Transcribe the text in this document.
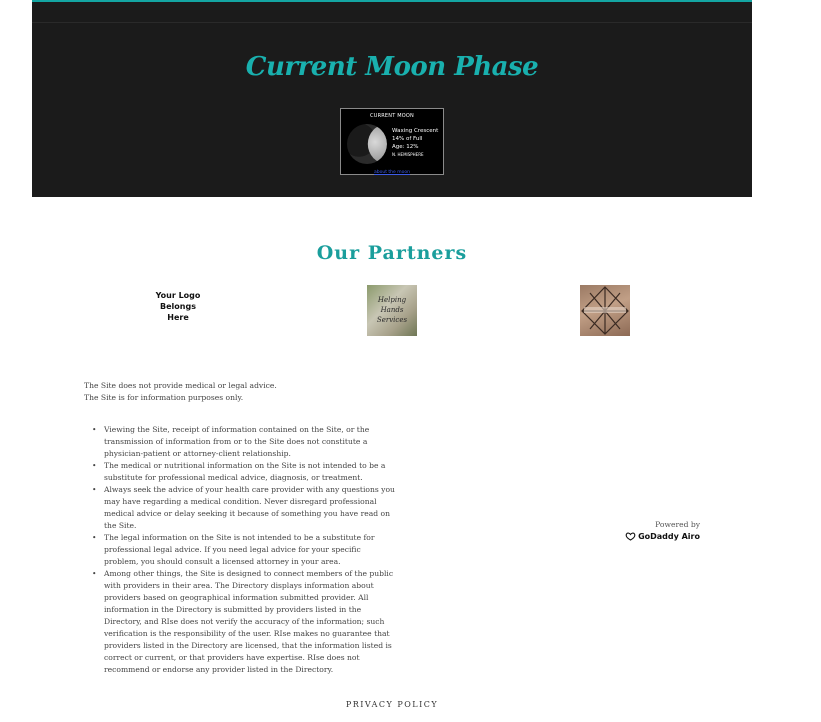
Current Moon Phase
CURRENT MOON
Waxing Crescent
14% of Full
Age: 12%
N. HEMISPHERE
about the moon
Our Partners
Your Logo Belongs Here
Helping Hands Services
The Site does not provide medical or legal advice.
The Site is for information purposes only.
• Viewing the Site, receipt of information contained on the Site, or the transmission of information from or to the Site does not constitute a physician-patient or attorney-client relationship.
• The medical or nutritional information on the Site is not intended to be a substitute for professional medical advice, diagnosis, or treatment.
• Always seek the advice of your health care provider with any questions you may have regarding a medical condition. Never disregard professional medical advice or delay seeking it because of something you have read on the Site.
• The legal information on the Site is not intended to be a substitute for professional legal advice. If you need legal advice for your specific problem, you should consult a licensed attorney in your area.
• Among other things, the Site is designed to connect members of the public with providers in their area. The Directory displays information about providers based on geographical information submitted provider. All information in the Directory is submitted by providers listed in the Directory, and RIse does not verify the accuracy of the information; such verification is the responsibility of the user. RIse makes no guarantee that providers listed in the Directory are licensed, that the information listed is correct or current, or that providers have expertise. RIse does not recommend or endorse any provider listed in the Directory.
Powered by
GoDaddy Airo
PRIVACY POLICY
